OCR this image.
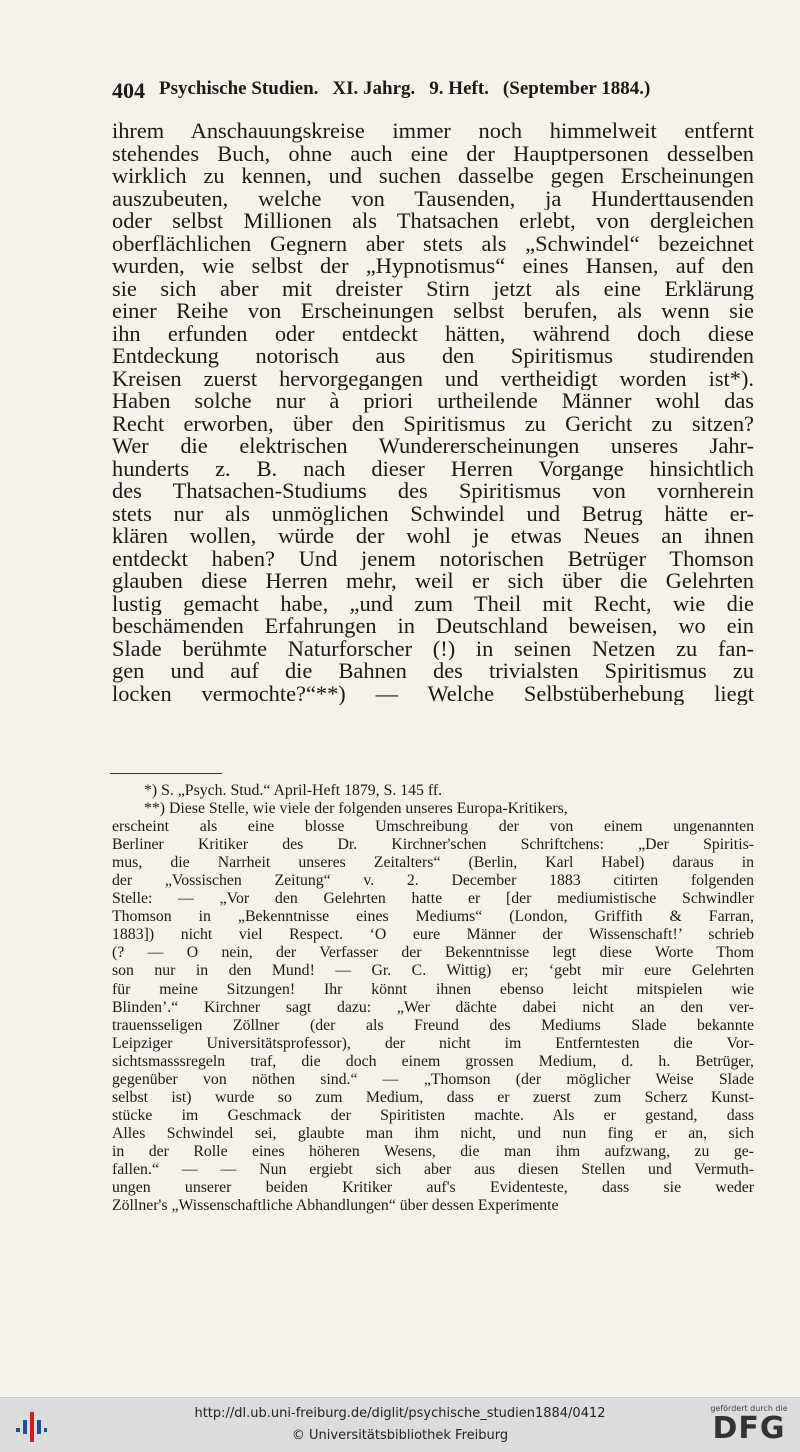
404 Psychische Studien. XI. Jahrg. 9. Heft. (September 1884.)
ihrem Anschauungskreise immer noch himmelweit entfernt
stehendes Buch, ohne auch eine der Hauptpersonen desselben
wirklich zu kennen, und suchen dasselbe gegen Erscheinungen
auszubeuten, welche von Tausenden, ja Hunderttausenden
oder selbst Millionen als Thatsachen erlebt, von dergleichen
oberflächlichen Gegnern aber stets als „Schwindel“ bezeichnet
wurden, wie selbst der „Hypnotismus“ eines Hansen, auf den
sie sich aber mit dreister Stirn jetzt als eine Erklärung
einer Reihe von Erscheinungen selbst berufen, als wenn sie
ihn erfunden oder entdeckt hätten, während doch diese
Entdeckung notorisch aus den Spiritismus studirenden
Kreisen zuerst hervorgegangen und vertheidigt worden ist*).
Haben solche nur à priori urtheilende Männer wohl das
Recht erworben, über den Spiritismus zu Gericht zu sitzen?
Wer die elektrischen Wundererscheinungen unseres Jahr-
hunderts z. B. nach dieser Herren Vorgange hinsichtlich
des Thatsachen-Studiums des Spiritismus von vornherein
stets nur als unmöglichen Schwindel und Betrug hätte er-
klären wollen, würde der wohl je etwas Neues an ihnen
entdeckt haben? Und jenem notorischen Betrüger Thomson
glauben diese Herren mehr, weil er sich über die Gelehrten
lustig gemacht habe, „und zum Theil mit Recht, wie die
beschämenden Erfahrungen in Deutschland beweisen, wo ein
Slade berühmte Naturforscher (!) in seinen Netzen zu fan-
gen und auf die Bahnen des trivialsten Spiritismus zu
locken vermochte?“**) — Welche Selbstüberhebung liegt
*) S. „Psych. Stud.“ April-Heft 1879, S. 145 ff.
**) Diese Stelle, wie viele der folgenden unseres Europa-Kritikers,
erscheint als eine blosse Umschreibung der von einem ungenannten
Berliner Kritiker des Dr. Kirchner'schen Schriftchens: „Der Spiritis-
mus, die Narrheit unseres Zeitalters“ (Berlin, Karl Habel) daraus in
der „Vossischen Zeitung“ v. 2. December 1883 citirten folgenden
Stelle: — „Vor den Gelehrten hatte er [der mediumistische Schwindler
Thomson in „Bekenntnisse eines Mediums“ (London, Griffith & Farran,
1883]) nicht viel Respect. ‘O eure Männer der Wissenschaft!’ schrieb
(? — O nein, der Verfasser der Bekenntnisse legt diese Worte Thom
son nur in den Mund! — Gr. C. Wittig) er; ‘gebt mir eure Gelehrten
für meine Sitzungen! Ihr könnt ihnen ebenso leicht mitspielen wie
Blinden’.“ Kirchner sagt dazu: „Wer dächte dabei nicht an den ver-
trauensseligen Zöllner (der als Freund des Mediums Slade bekannte
Leipziger Universitätsprofessor), der nicht im Entferntesten die Vor-
sichtsmasssregeln traf, die doch einem grossen Medium, d. h. Betrüger,
gegenüber von nöthen sind.“ — „Thomson (der möglicher Weise Slade
selbst ist) wurde so zum Medium, dass er zuerst zum Scherz Kunst-
stücke im Geschmack der Spiritisten machte. Als er gestand, dass
Alles Schwindel sei, glaubte man ihm nicht, und nun fing er an, sich
in der Rolle eines höheren Wesens, die man ihm aufzwang, zu ge-
fallen.“ — — Nun ergiebt sich aber aus diesen Stellen und Vermuth-
ungen unserer beiden Kritiker auf's Evidenteste, dass sie weder
Zöllner's „Wissenschaftliche Abhandlungen“ über dessen Experimente
http://dl.ub.uni-freiburg.de/diglit/psychische_studien1884/0412
© Universitätsbibliothek Freiburg
gefördert durch die
DFG
